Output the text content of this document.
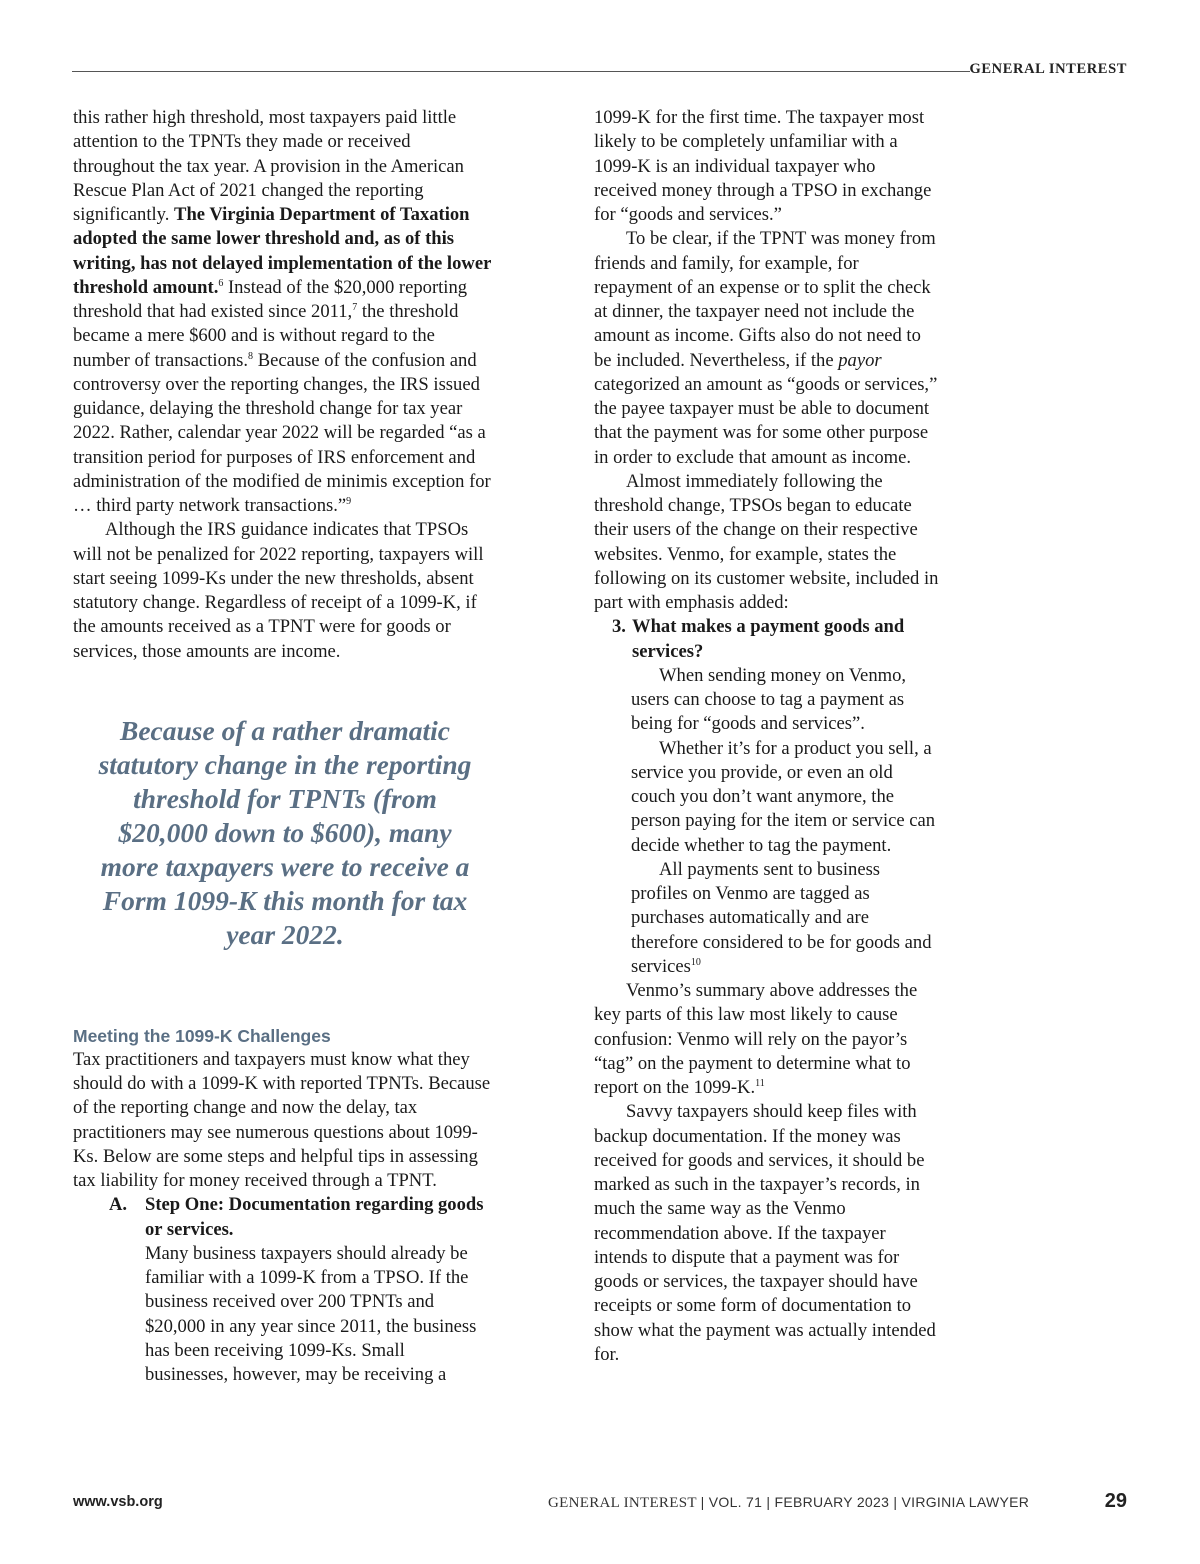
GENERAL INTEREST

this rather high threshold, most taxpayers paid little attention to the TPNTs they made or received throughout the tax year. A provision in the American Rescue Plan Act of 2021 changed the reporting significantly. The Virginia Department of Taxation adopted the same lower threshold and, as of this writing, has not delayed implementation of the lower threshold amount.$^6$ Instead of the $20,000 reporting threshold that had existed since 2011,$^7$ the threshold became a mere $600 and is without regard to the number of transactions.$^8$ Because of the confusion and controversy over the reporting changes, the IRS issued guidance, delaying the threshold change for tax year 2022. Rather, calendar year 2022 will be regarded “as a transition period for purposes of IRS enforcement and administration of the modified de minimis exception for … third party network transactions.”$^9$

Although the IRS guidance indicates that TPSOs will not be penalized for 2022 reporting, taxpayers will start seeing 1099-Ks under the new thresholds, absent statutory change. Regardless of receipt of a 1099-K, if the amounts received as a TPNT were for goods or services, those amounts are income.

Because of a rather dramatic statutory change in the reporting threshold for TPNTs (from $20,000 down to $600), many more taxpayers were to receive a Form 1099-K this month for tax year 2022.
Meeting the 1099-K Challenges

Tax practitioners and taxpayers must know what they should do with a 1099-K with reported TPNTs. Because of the reporting change and now the delay, tax practitioners may see numerous questions about 1099-Ks. Below are some steps and helpful tips in assessing tax liability for money received through a TPNT.

A. Step One: Documentation regarding goods or services.

Many business taxpayers should already be familiar with a 1099-K from a TPSO. If the business received over 200 TPNTs and $20,000 in any year since 2011, the business has been receiving 1099-Ks. Small businesses, however, may be receiving a

1099-K for the first time. The taxpayer most likely to be completely unfamiliar with a 1099-K is an individual taxpayer who received money through a TPSO in exchange for “goods and services.”

To be clear, if the TPNT was money from friends and family, for example, for repayment of an expense or to split the check at dinner, the taxpayer need not include the amount as income. Gifts also do not need to be included. Nevertheless, if the payor categorized an amount as “goods or services,” the payee taxpayer must be able to document that the payment was for some other purpose in order to exclude that amount as income.

Almost immediately following the threshold change, TPSOs began to educate their users of the change on their respective websites. Venmo, for example, states the following on its customer website, included in part with emphasis added:

3. What makes a payment goods and services?

When sending money on Venmo, users can choose to tag a payment as being for “goods and services”.

Whether it’s for a product you sell, a service you provide, or even an old couch you don’t want anymore, the person paying for the item or service can decide whether to tag the payment.

All payments sent to business profiles on Venmo are tagged as purchases automatically and are therefore considered to be for goods and services$^{10}$

Venmo’s summary above addresses the key parts of this law most likely to cause confusion: Venmo will rely on the payor’s “tag” on the payment to determine what to report on the 1099-K.$^{11}$

Savvy taxpayers should keep files with backup documentation. If the money was received for goods and services, it should be marked as such in the taxpayer’s records, in much the same way as the Venmo recommendation above. If the taxpayer intends to dispute that a payment was for goods or services, the taxpayer should have receipts or some form of documentation to show what the payment was actually intended for.

www.vsb.org	GENERAL INTEREST | VOL. 71 | FEBRUARY 2023 | VIRGINIA LAWYER	29
